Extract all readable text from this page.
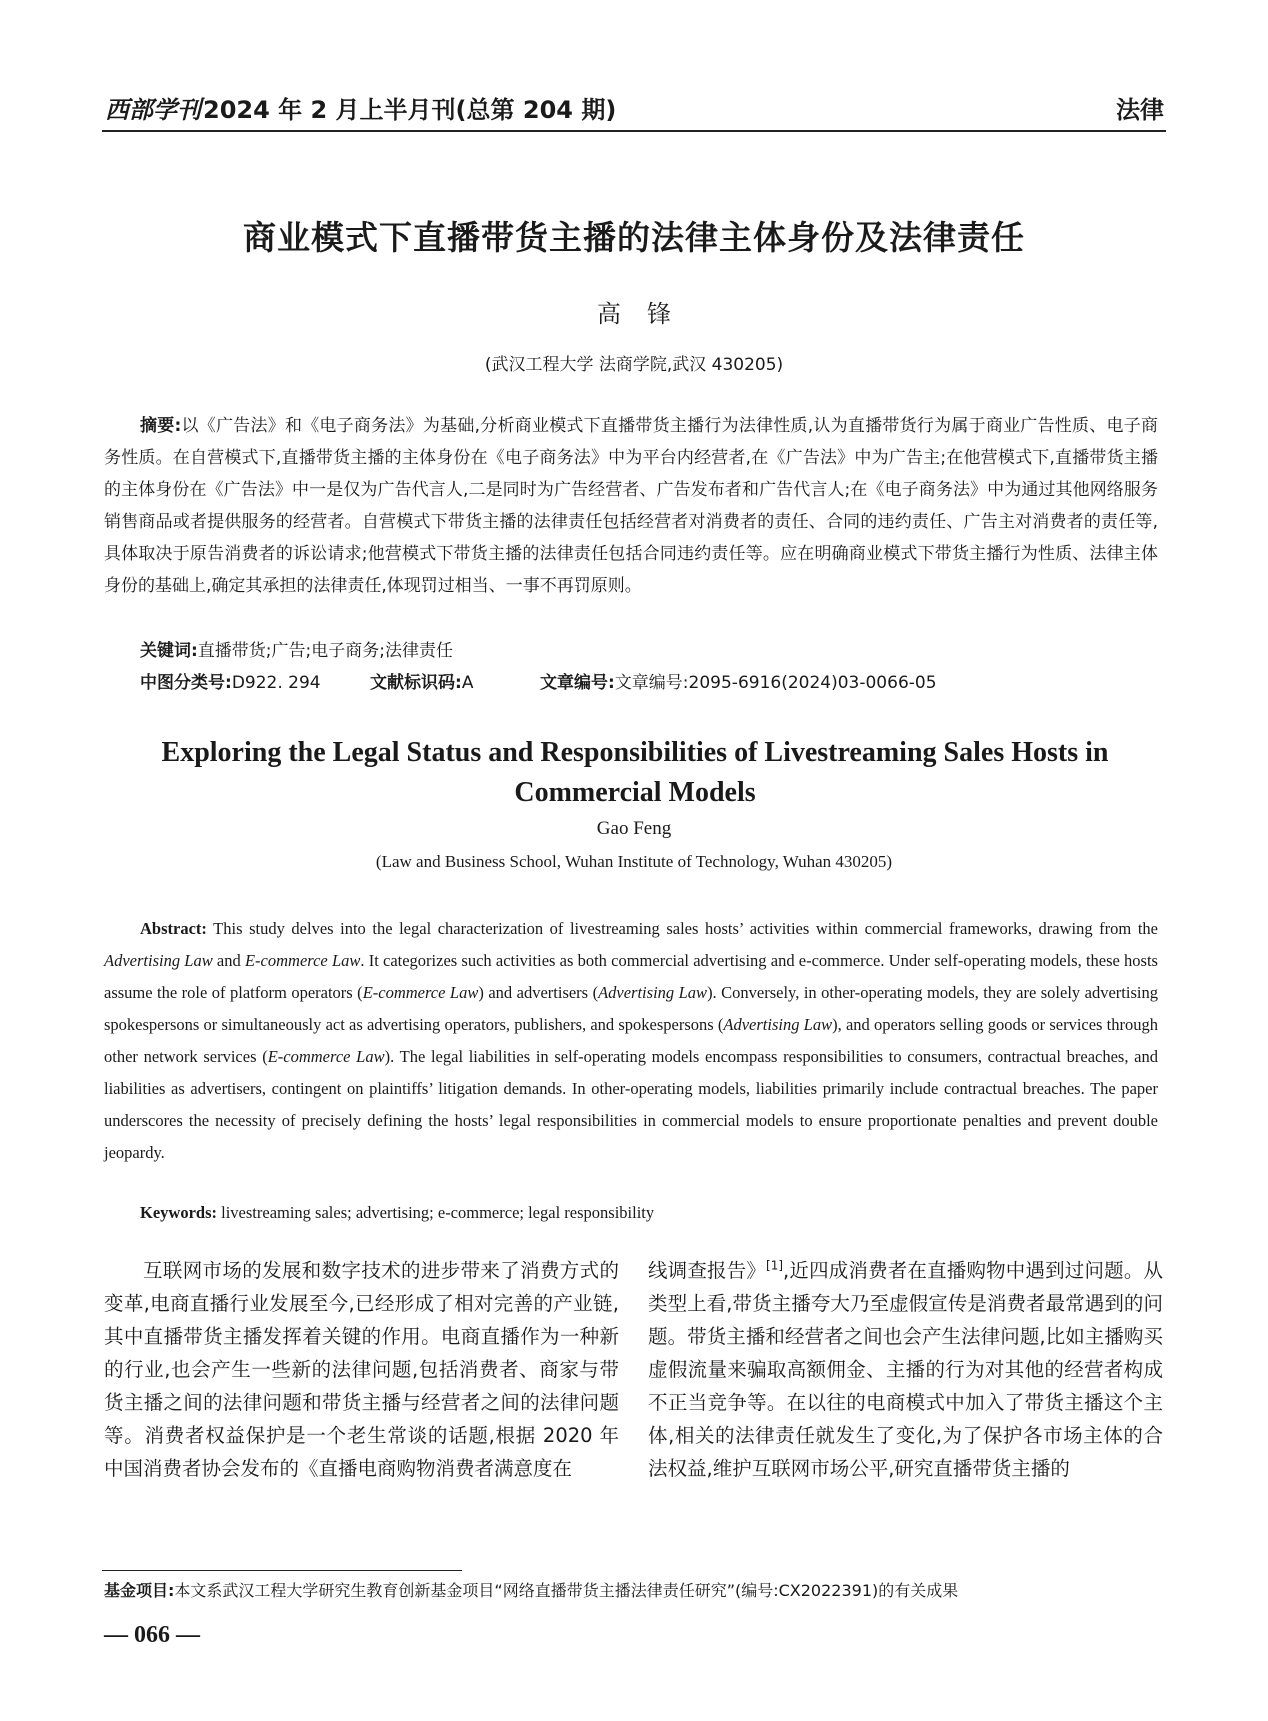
西部学刊2024 年 2 月上半月刊(总第 204 期)	法律
商业模式下直播带货主播的法律主体身份及法律责任
高锋
(武汉工程大学 法商学院,武汉 430205)
摘要:以《广告法》和《电子商务法》为基础,分析商业模式下直播带货主播行为法律性质,认为直播带货行为属于商业广告性质、电子商务性质。在自营模式下,直播带货主播的主体身份在《电子商务法》中为平台内经营者,在《广告法》中为广告主;在他营模式下,直播带货主播的主体身份在《广告法》中一是仅为广告代言人,二是同时为广告经营者、广告发布者和广告代言人;在《电子商务法》中为通过其他网络服务销售商品或者提供服务的经营者。自营模式下带货主播的法律责任包括经营者对消费者的责任、合同的违约责任、广告主对消费者的责任等,具体取决于原告消费者的诉讼请求;他营模式下带货主播的法律责任包括合同违约责任等。应在明确商业模式下带货主播行为性质、法律主体身份的基础上,确定其承担的法律责任,体现罚过相当、一事不再罚原则。
关键词:直播带货;广告;电子商务;法律责任
中图分类号:D922. 294	文献标识码:A	文章编号:文章编号:2095-6916(2024)03-0066-05
Exploring the Legal Status and Responsibilities of Livestreaming Sales Hosts in Commercial Models
Gao Feng
(Law and Business School, Wuhan Institute of Technology, Wuhan 430205)
Abstract: This study delves into the legal characterization of livestreaming sales hosts’ activities within commercial frameworks, drawing from the Advertising Law and E-commerce Law. It categorizes such activities as both commercial advertising and e-commerce. Under self-operating models, these hosts assume the role of platform operators (E-commerce Law) and advertisers (Advertising Law). Conversely, in other-operating models, they are solely advertising spokespersons or simultaneously act as advertising operators, publishers, and spokespersons (Advertising Law), and operators selling goods or services through other network services (E-commerce Law). The legal liabilities in self-operating models encompass responsibilities to consumers, contractual breaches, and liabilities as advertisers, contingent on plaintiffs’ litigation demands. In other-operating models, liabilities primarily include contractual breaches. The paper underscores the necessity of precisely defining the hosts’ legal responsibilities in commercial models to ensure proportionate penalties and prevent double jeopardy.
Keywords: livestreaming sales; advertising; e-commerce; legal responsibility

互联网市场的发展和数字技术的进步带来了消费方式的变革,电商直播行业发展至今,已经形成了相对完善的产业链,其中直播带货主播发挥着关键的作用。电商直播作为一种新的行业,也会产生一些新的法律问题,包括消费者、商家与带货主播之间的法律问题和带货主播与经营者之间的法律问题等。消费者权益保护是一个老生常谈的话题,根据 2020 年中国消费者协会发布的《直播电商购物消费者满意度在

线调查报告》[1],近四成消费者在直播购物中遇到过问题。从类型上看,带货主播夸大乃至虚假宣传是消费者最常遇到的问题。带货主播和经营者之间也会产生法律问题,比如主播购买虚假流量来骗取高额佣金、主播的行为对其他的经营者构成不正当竞争等。在以往的电商模式中加入了带货主播这个主体,相关的法律责任就发生了变化,为了保护各市场主体的合法权益,维护互联网市场公平,研究直播带货主播的

基金项目:本文系武汉工程大学研究生教育创新基金项目“网络直播带货主播法律责任研究”(编号:CX2022391)的有关成果
— 066 —
